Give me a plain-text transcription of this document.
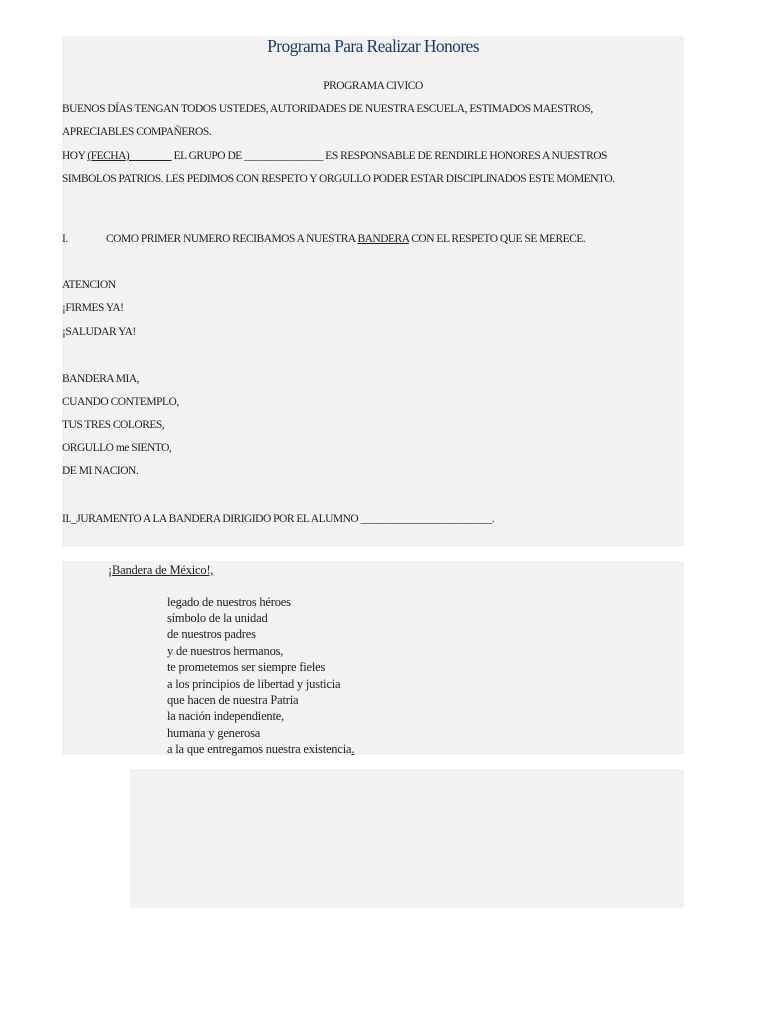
Programa Para Realizar Honores
PROGRAMA CIVICO
BUENOS DÍAS TENGAN TODOS USTEDES, AUTORIDADES DE NUESTRA ESCUELA, ESTIMADOS MAESTROS,
APRECIABLES COMPAÑEROS.
HOY (FECHA)________ EL GRUPO DE _______________ ES RESPONSABLE DE RENDIRLE HONORES A NUESTROS
SIMBOLOS PATRIOS. LES PEDIMOS CON RESPETO Y ORGULLO PODER ESTAR DISCIPLINADOS ESTE MOMENTO.
I.	COMO PRIMER NUMERO RECIBAMOS A NUESTRA BANDERA CON EL RESPETO QUE SE MERECE.
ATENCION
¡FIRMES YA!
¡SALUDAR YA!
BANDERA MIA,
CUANDO CONTEMPLO,
TUS TRES COLORES,
ORGULLO me SIENTO,
DE MI NACION.
II._JURAMENTO A LA BANDERA DIRIGIDO POR EL ALUMNO _________________________.
¡Bandera de México!,
legado de nuestros héroes
símbolo de la unidad
de nuestros padres
y de nuestros hermanos,
te prometemos ser siempre fieles
a los principios de libertad y justicia
que hacen de nuestra Patria
la nación independiente,
humana y generosa
a la que entregamos nuestra existencia.
